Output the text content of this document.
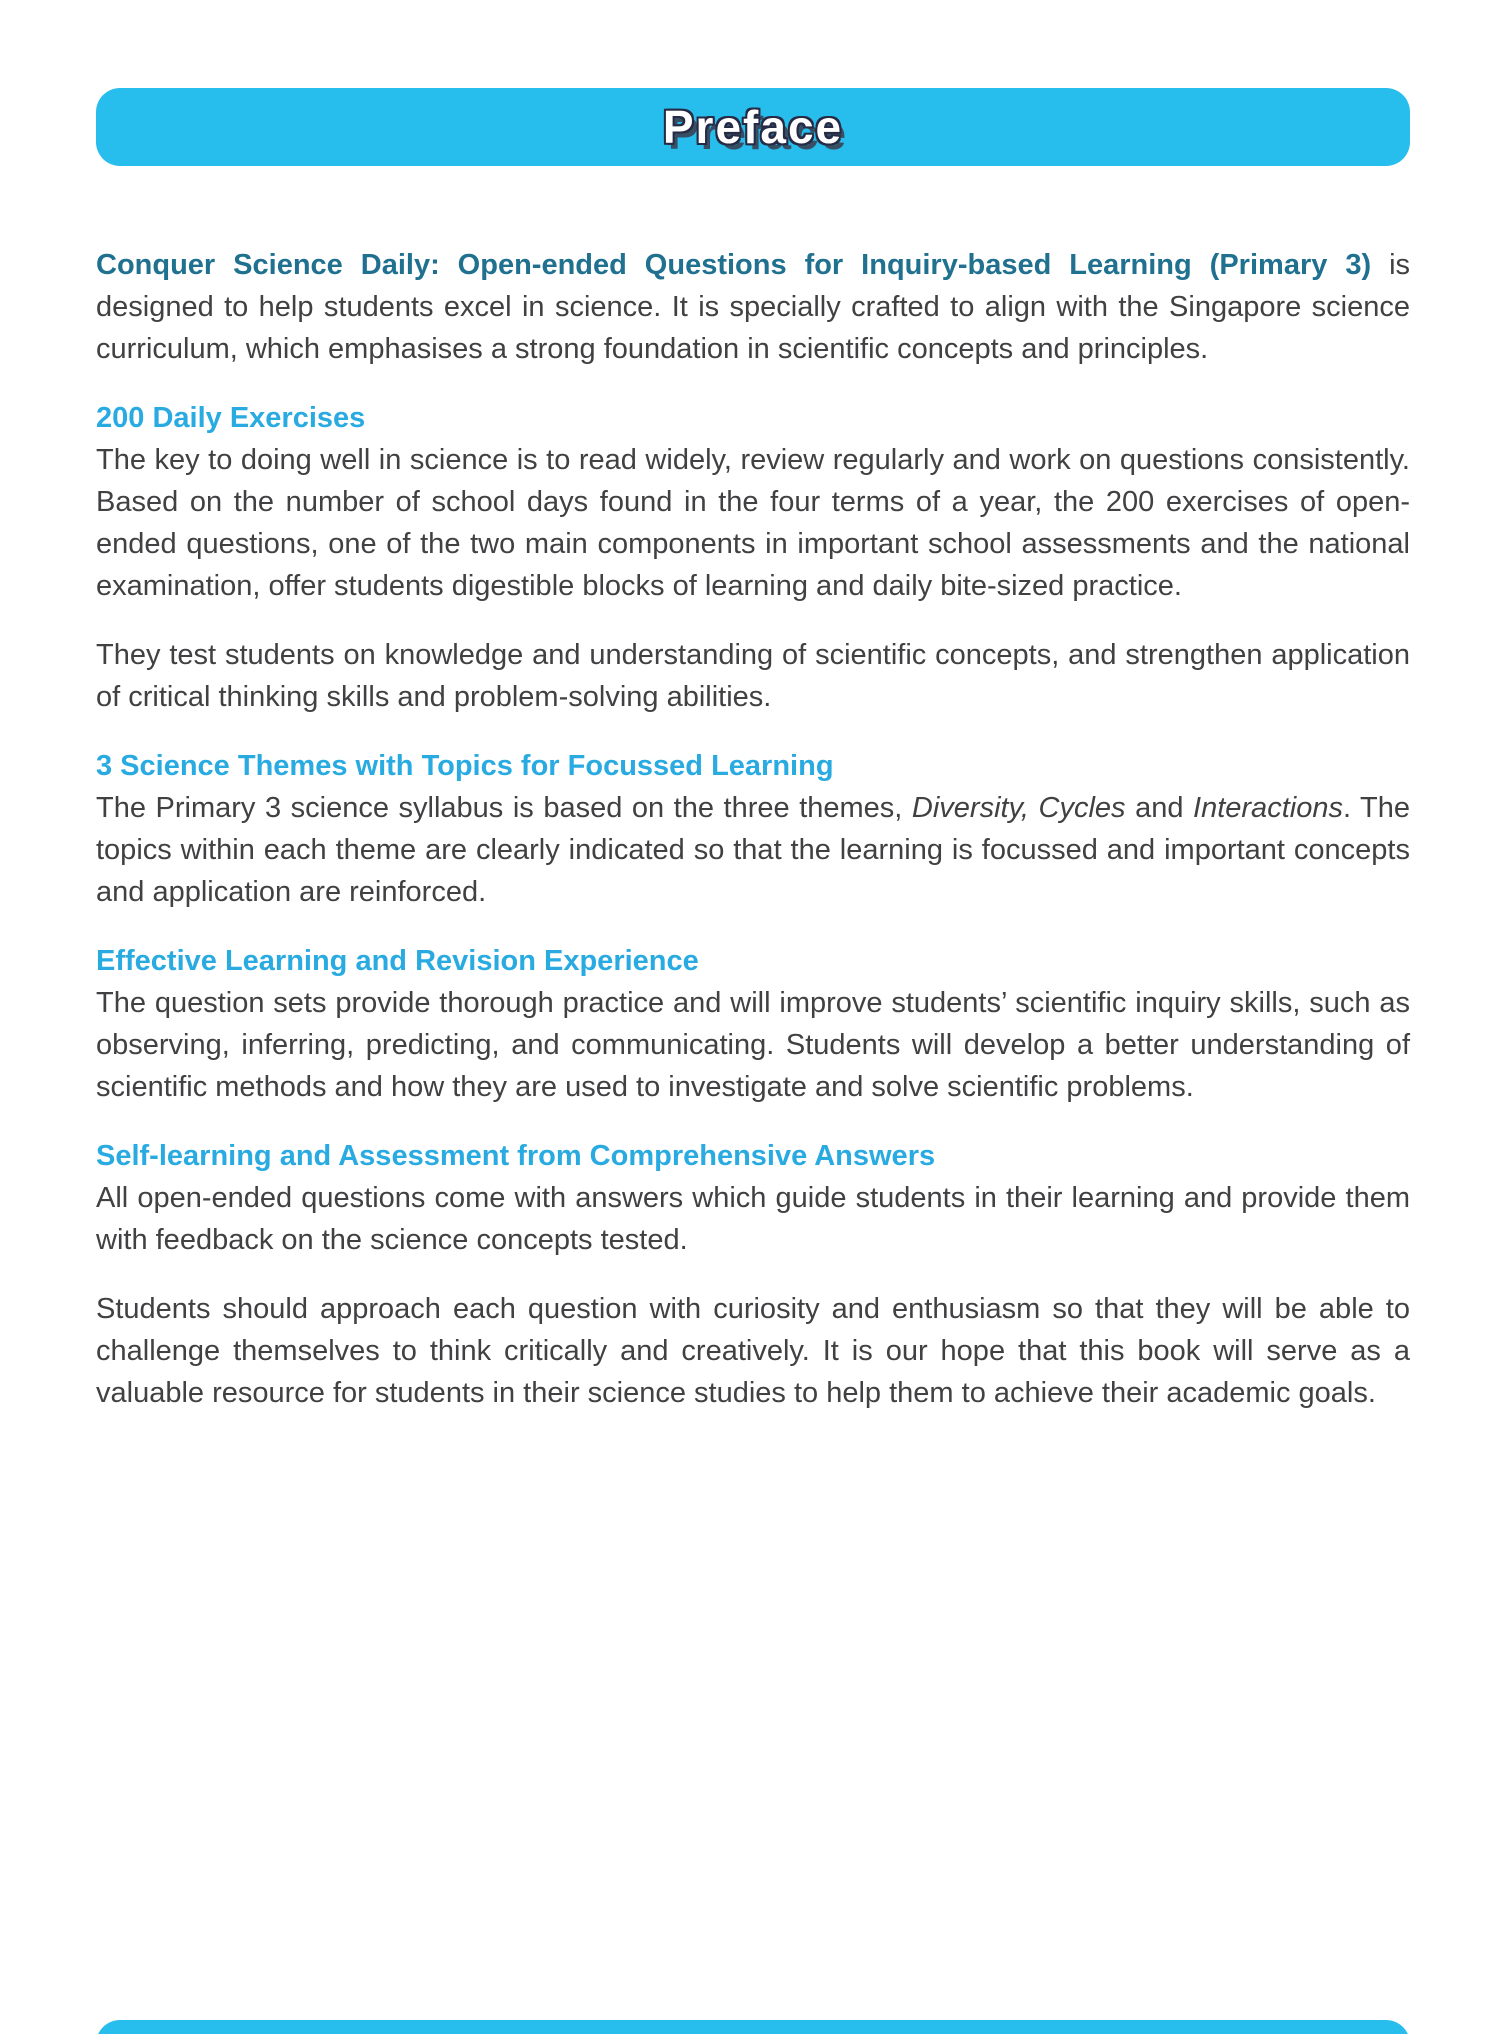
Preface

Conquer Science Daily: Open-ended Questions for Inquiry-based Learning (Primary 3) is designed to help students excel in science. It is specially crafted to align with the Singapore science curriculum, which emphasises a strong foundation in scientific concepts and principles.

200 Daily Exercises

The key to doing well in science is to read widely, review regularly and work on questions consistently. Based on the number of school days found in the four terms of a year, the 200 exercises of open-ended questions, one of the two main components in important school assessments and the national examination, offer students digestible blocks of learning and daily bite-sized practice.

They test students on knowledge and understanding of scientific concepts, and strengthen application of critical thinking skills and problem-solving abilities.

3 Science Themes with Topics for Focussed Learning

The Primary 3 science syllabus is based on the three themes, Diversity, Cycles and Interactions. The topics within each theme are clearly indicated so that the learning is focussed and important concepts and application are reinforced.

Effective Learning and Revision Experience

The question sets provide thorough practice and will improve students’ scientific inquiry skills, such as observing, inferring, predicting, and communicating. Students will develop a better understanding of scientific methods and how they are used to investigate and solve scientific problems.

Self-learning and Assessment from Comprehensive Answers

All open-ended questions come with answers which guide students in their learning and provide them with feedback on the science concepts tested.

Students should approach each question with curiosity and enthusiasm so that they will be able to challenge themselves to think critically and creatively. It is our hope that this book will serve as a valuable resource for students in their science studies to help them to achieve their academic goals.
